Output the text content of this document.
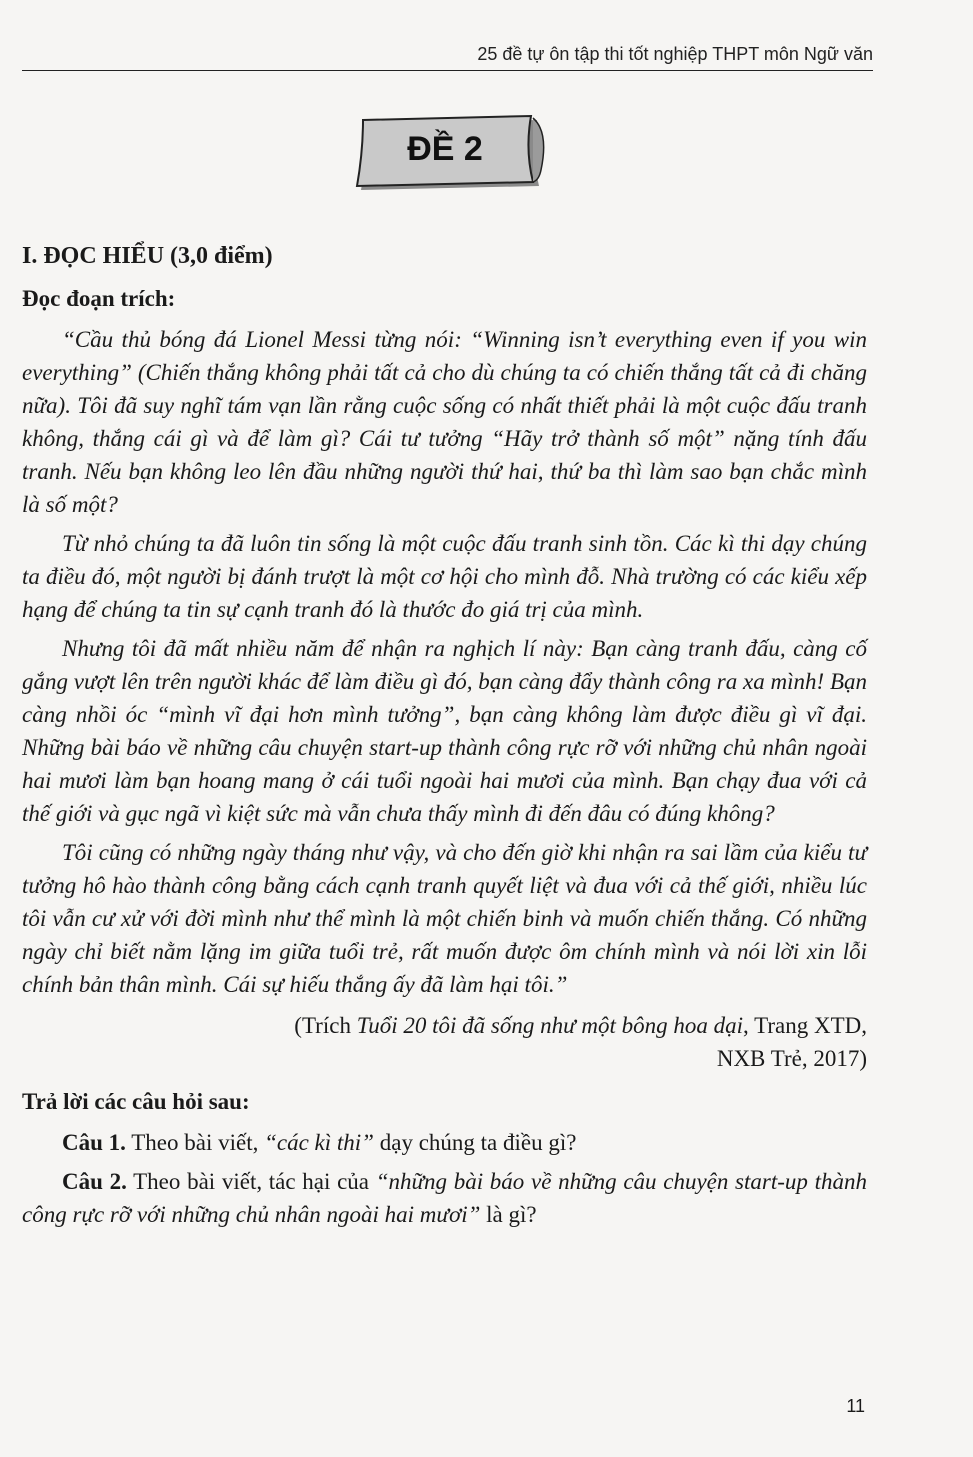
25 đề tự ôn tập thi tốt nghiệp THPT môn Ngữ văn
ĐỀ 2
I. ĐỌC HIỂU (3,0 điểm)
Đọc đoạn trích:

“Cầu thủ bóng đá Lionel Messi từng nói: “Winning isn’t everything even if you win everything” (Chiến thắng không phải tất cả cho dù chúng ta có chiến thắng tất cả đi chăng nữa). Tôi đã suy nghĩ tám vạn lần rằng cuộc sống có nhất thiết phải là một cuộc đấu tranh không, thắng cái gì và để làm gì? Cái tư tưởng “Hãy trở thành số một” nặng tính đấu tranh. Nếu bạn không leo lên đầu những người thứ hai, thứ ba thì làm sao bạn chắc mình là số một?

Từ nhỏ chúng ta đã luôn tin sống là một cuộc đấu tranh sinh tồn. Các kì thi dạy chúng ta điều đó, một người bị đánh trượt là một cơ hội cho mình đỗ. Nhà trường có các kiểu xếp hạng để chúng ta tin sự cạnh tranh đó là thước đo giá trị của mình.

Nhưng tôi đã mất nhiều năm để nhận ra nghịch lí này: Bạn càng tranh đấu, càng cố gắng vượt lên trên người khác để làm điều gì đó, bạn càng đẩy thành công ra xa mình! Bạn càng nhồi óc “mình vĩ đại hơn mình tưởng”, bạn càng không làm được điều gì vĩ đại. Những bài báo về những câu chuyện start-up thành công rực rỡ với những chủ nhân ngoài hai mươi làm bạn hoang mang ở cái tuổi ngoài hai mươi của mình. Bạn chạy đua với cả thế giới và gục ngã vì kiệt sức mà vẫn chưa thấy mình đi đến đâu có đúng không?

Tôi cũng có những ngày tháng như vậy, và cho đến giờ khi nhận ra sai lầm của kiểu tư tưởng hô hào thành công bằng cách cạnh tranh quyết liệt và đua với cả thế giới, nhiều lúc tôi vẫn cư xử với đời mình như thể mình là một chiến binh và muốn chiến thắng. Có những ngày chỉ biết nằm lặng im giữa tuổi trẻ, rất muốn được ôm chính mình và nói lời xin lỗi chính bản thân mình. Cái sự hiếu thắng ấy đã làm hại tôi.”

(Trích Tuổi 20 tôi đã sống như một bông hoa dại, Trang XTD,
NXB Trẻ, 2017)
Trả lời các câu hỏi sau:

Câu 1. Theo bài viết, “các kì thi” dạy chúng ta điều gì?

Câu 2. Theo bài viết, tác hại của “những bài báo về những câu chuyện start-up thành công rực rỡ với những chủ nhân ngoài hai mươi” là gì?

11
